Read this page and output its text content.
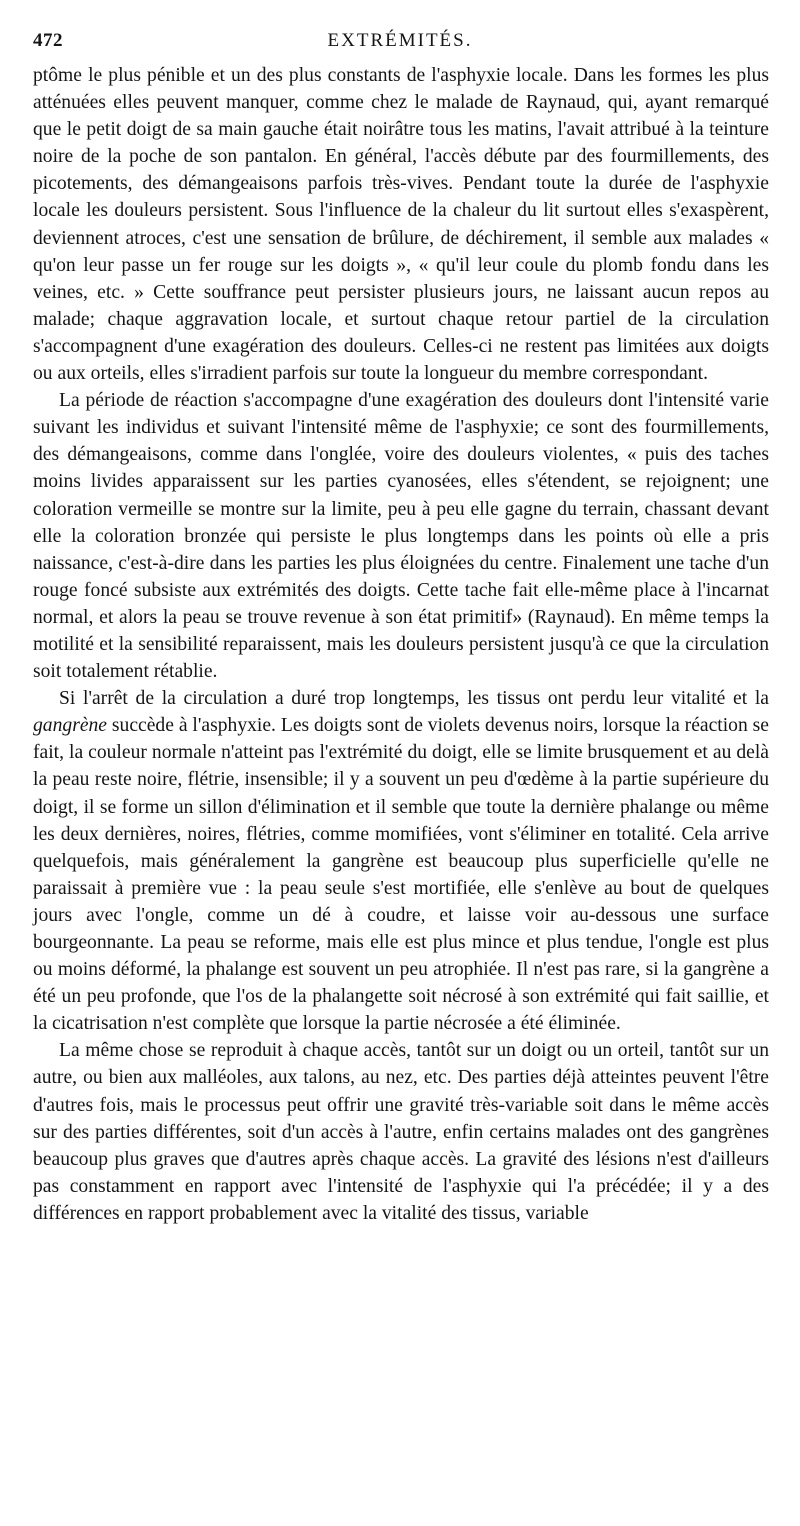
472	EXTRÉMITÉS.

ptôme le plus pénible et un des plus constants de l'asphyxie locale. Dans les formes les plus atténuées elles peuvent manquer, comme chez le malade de Raynaud, qui, ayant remarqué que le petit doigt de sa main gauche était noirâtre tous les matins, l'avait attribué à la teinture noire de la poche de son pantalon. En général, l'accès débute par des fourmillements, des picotements, des démangeaisons parfois très-vives. Pendant toute la durée de l'asphyxie locale les douleurs persistent. Sous l'influence de la chaleur du lit surtout elles s'exaspèrent, deviennent atroces, c'est une sensation de brûlure, de déchirement, il semble aux malades « qu'on leur passe un fer rouge sur les doigts », « qu'il leur coule du plomb fondu dans les veines, etc. » Cette souffrance peut persister plusieurs jours, ne laissant aucun repos au malade; chaque aggravation locale, et surtout chaque retour partiel de la circulation s'accompagnent d'une exagération des douleurs. Celles-ci ne restent pas limitées aux doigts ou aux orteils, elles s'irradient parfois sur toute la longueur du membre correspondant.

La période de réaction s'accompagne d'une exagération des douleurs dont l'intensité varie suivant les individus et suivant l'intensité même de l'asphyxie; ce sont des fourmillements, des démangeaisons, comme dans l'onglée, voire des douleurs violentes, « puis des taches moins livides apparaissent sur les parties cyanosées, elles s'étendent, se rejoignent; une coloration vermeille se montre sur la limite, peu à peu elle gagne du terrain, chassant devant elle la coloration bronzée qui persiste le plus longtemps dans les points où elle a pris naissance, c'est-à-dire dans les parties les plus éloignées du centre. Finalement une tache d'un rouge foncé subsiste aux extrémités des doigts. Cette tache fait elle-même place à l'incarnat normal, et alors la peau se trouve revenue à son état primitif» (Raynaud). En même temps la motilité et la sensibilité reparaissent, mais les douleurs persistent jusqu'à ce que la circulation soit totalement rétablie.

Si l'arrêt de la circulation a duré trop longtemps, les tissus ont perdu leur vitalité et la gangrène succède à l'asphyxie. Les doigts sont de violets devenus noirs, lorsque la réaction se fait, la couleur normale n'atteint pas l'extrémité du doigt, elle se limite brusquement et au delà la peau reste noire, flétrie, insensible; il y a souvent un peu d'œdème à la partie supérieure du doigt, il se forme un sillon d'élimination et il semble que toute la dernière phalange ou même les deux dernières, noires, flétries, comme momifiées, vont s'éliminer en totalité. Cela arrive quelquefois, mais généralement la gangrène est beaucoup plus superficielle qu'elle ne paraissait à première vue : la peau seule s'est mortifiée, elle s'enlève au bout de quelques jours avec l'ongle, comme un dé à coudre, et laisse voir au-dessous une surface bourgeonnante. La peau se reforme, mais elle est plus mince et plus tendue, l'ongle est plus ou moins déformé, la phalange est souvent un peu atrophiée. Il n'est pas rare, si la gangrène a été un peu profonde, que l'os de la phalangette soit nécrosé à son extrémité qui fait saillie, et la cicatrisation n'est complète que lorsque la partie nécrosée a été éliminée.

La même chose se reproduit à chaque accès, tantôt sur un doigt ou un orteil, tantôt sur un autre, ou bien aux malléoles, aux talons, au nez, etc. Des parties déjà atteintes peuvent l'être d'autres fois, mais le processus peut offrir une gravité très-variable soit dans le même accès sur des parties différentes, soit d'un accès à l'autre, enfin certains malades ont des gangrènes beaucoup plus graves que d'autres après chaque accès. La gravité des lésions n'est d'ailleurs pas constamment en rapport avec l'intensité de l'asphyxie qui l'a précédée; il y a des différences en rapport probablement avec la vitalité des tissus, variable
